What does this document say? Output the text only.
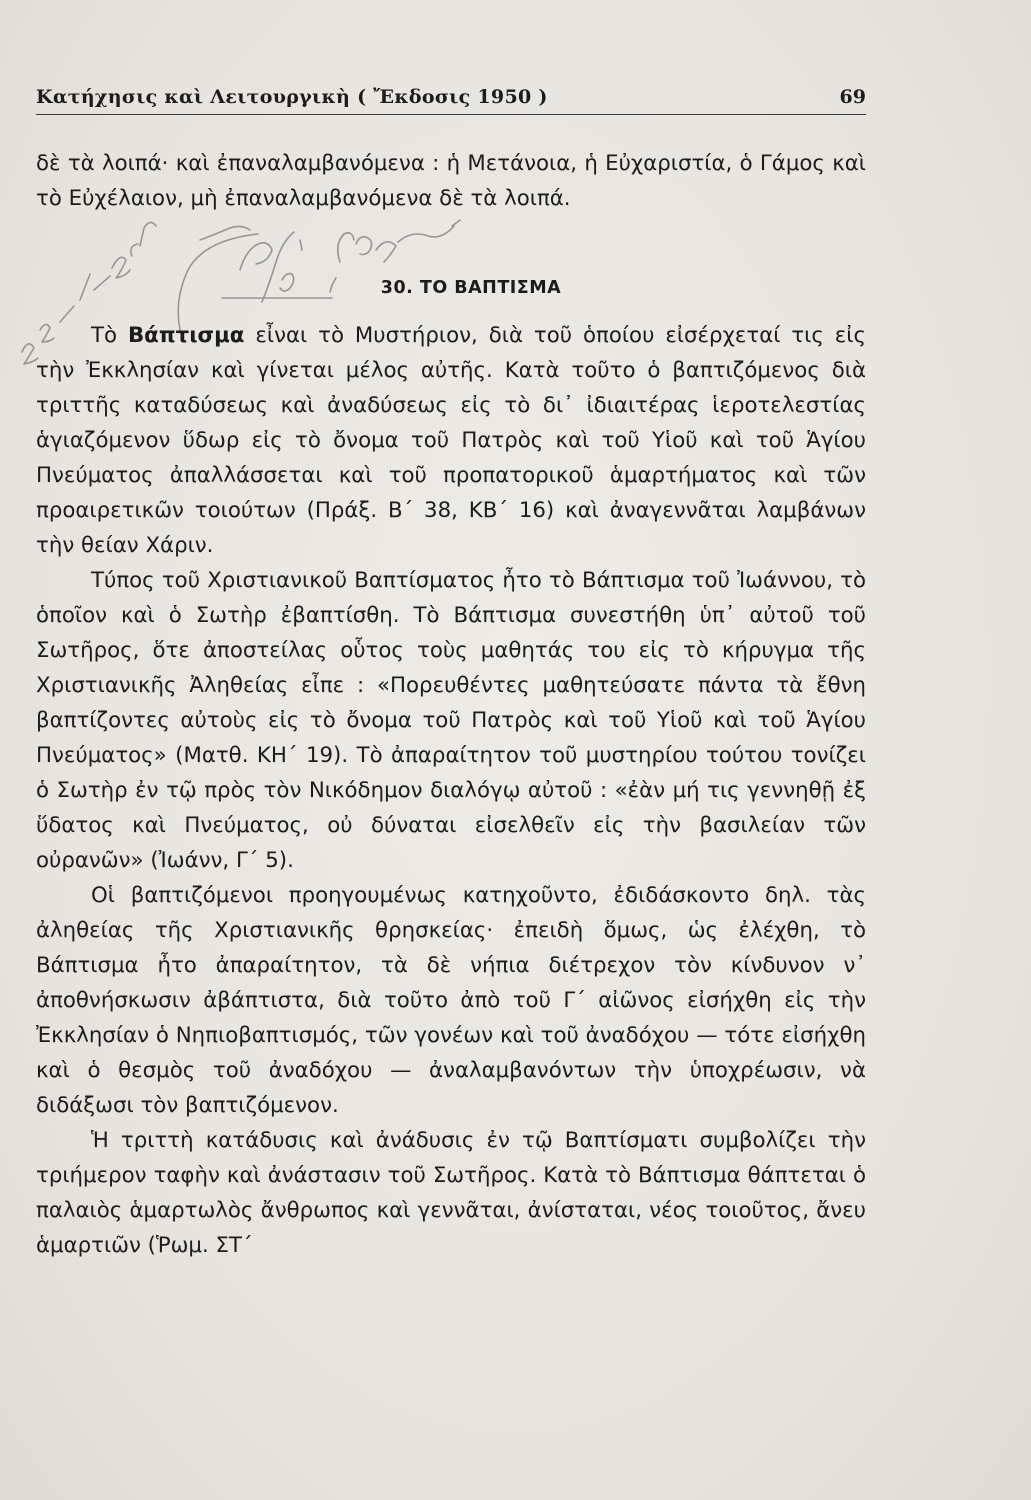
Κατήχησις καὶ Λειτουργικὴ ( Ἔκδοσις 1950 )	69
δὲ τὰ λοιπά· καὶ ἐπαναλαμβανόμενα : ἡ Μετάνοια, ἡ Εὐχαριστία, ὁ Γάμος καὶ τὸ Εὐχέλαιον, μὴ ἐπαναλαμβανόμενα δὲ τὰ λοιπά.
30. ΤΟ ΒΑΠΤΙΣΜΑ

Τὸ Βάπτισμα εἶναι τὸ Μυστήριον, διὰ τοῦ ὁποίου εἰσέρχεταί τις εἰς τὴν Ἐκκλησίαν καὶ γίνεται μέλος αὐτῆς. Κατὰ τοῦτο ὁ βαπτιζόμενος διὰ τριττῆς καταδύσεως καὶ ἀναδύσεως εἰς τὸ δι᾿ ἰδιαιτέρας ἱεροτελεστίας ἁγιαζόμενον ὕδωρ εἰς τὸ ὄνομα τοῦ Πατρὸς καὶ τοῦ Υἱοῦ καὶ τοῦ Ἁγίου Πνεύματος ἀπαλλάσσεται καὶ τοῦ προπατορικοῦ ἁμαρτήματος καὶ τῶν προαιρετικῶν τοιούτων (Πράξ. Β΄ 38, ΚΒ΄ 16) καὶ ἀναγεννᾶται λαμβάνων τὴν θείαν Χάριν.

Τύπος τοῦ Χριστιανικοῦ Βαπτίσματος ἦτο τὸ Βάπτισμα τοῦ Ἰωάννου, τὸ ὁποῖον καὶ ὁ Σωτὴρ ἐβαπτίσθη. Τὸ Βάπτισμα συνεστήθη ὑπ᾿ αὐτοῦ τοῦ Σωτῆρος, ὅτε ἀποστείλας οὗτος τοὺς μαθητάς του εἰς τὸ κήρυγμα τῆς Χριστιανικῆς Ἀληθείας εἶπε : «Πορευθέντες μαθητεύσατε πάντα τὰ ἔθνη βαπτίζοντες αὐτοὺς εἰς τὸ ὄνομα τοῦ Πατρὸς καὶ τοῦ Υἱοῦ καὶ τοῦ Ἁγίου Πνεύματος» (Ματθ. ΚΗ΄ 19). Τὸ ἀπαραίτητον τοῦ μυστηρίου τούτου τονίζει ὁ Σωτὴρ ἐν τῷ πρὸς τὸν Νικόδημον διαλόγῳ αὐτοῦ : «ἐὰν μή τις γεννηθῇ ἐξ ὕδατος καὶ Πνεύματος, οὐ δύναται εἰσελθεῖν εἰς τὴν βασιλείαν τῶν οὐρανῶν» (Ἰωάνν, Γ΄ 5).

Οἱ βαπτιζόμενοι προηγουμένως κατηχοῦντο, ἐδιδάσκοντο δηλ. τὰς ἀληθείας τῆς Χριστιανικῆς θρησκείας· ἐπειδὴ ὅμως, ὡς ἐλέχθη, τὸ Βάπτισμα ἦτο ἀπαραίτητον, τὰ δὲ νήπια διέτρεχον τὸν κίνδυνον ν᾿ ἀποθνήσκωσιν ἀβάπτιστα, διὰ τοῦτο ἀπὸ τοῦ Γ΄ αἰῶνος εἰσήχθη εἰς τὴν Ἐκκλησίαν ὁ Νηπιοβαπτισμός, τῶν γονέων καὶ τοῦ ἀναδόχου — τότε εἰσήχθη καὶ ὁ θεσμὸς τοῦ ἀναδόχου — ἀναλαμβανόντων τὴν ὑποχρέωσιν, νὰ διδάξωσι τὸν βαπτιζόμενον.

Ἡ τριττὴ κατάδυσις καὶ ἀνάδυσις ἐν τῷ Βαπτίσματι συμβολίζει τὴν τριήμερον ταφὴν καὶ ἀνάστασιν τοῦ Σωτῆρος. Κατὰ τὸ Βάπτισμα θάπτεται ὁ παλαιὸς ἁμαρτωλὸς ἄνθρωπος καὶ γεννᾶται, ἀνίσταται, νέος τοιοῦτος, ἄνευ ἁμαρτιῶν (Ῥωμ. ΣΤ΄
